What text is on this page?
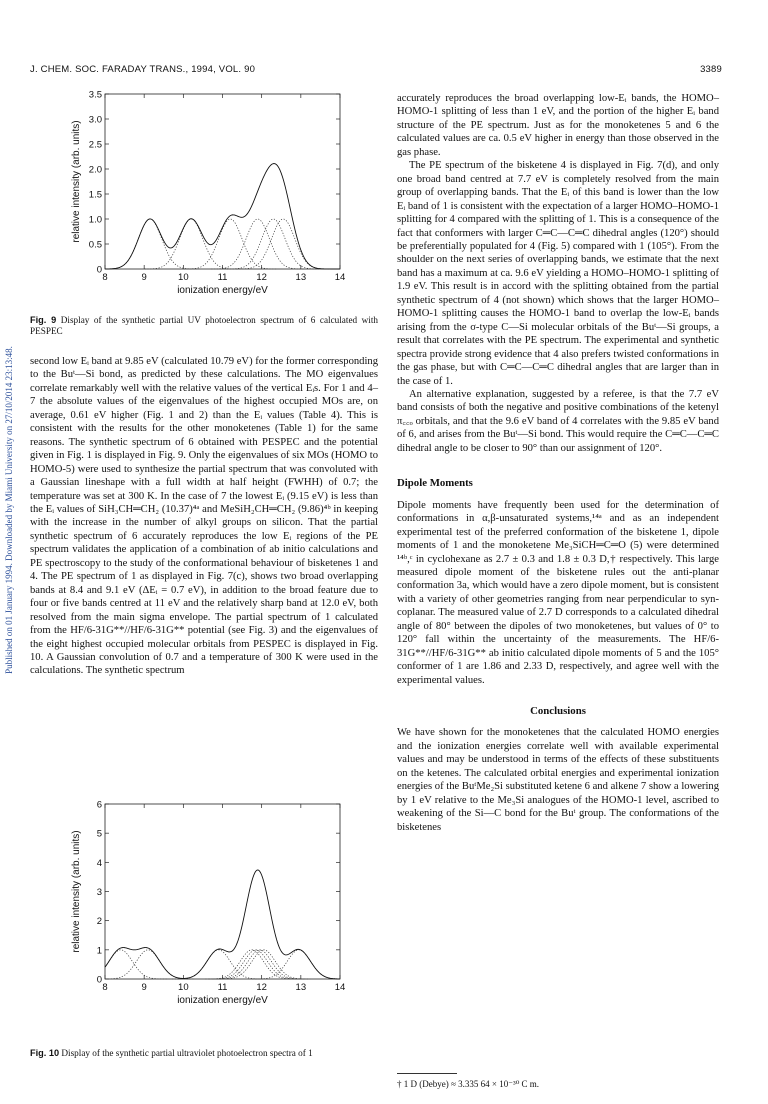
J. CHEM. SOC. FARADAY TRANS., 1994, VOL. 90	3389
Published on 01 January 1994. Downloaded by Miami University on 27/10/2014 23:13:48.
8	9	10	11	12	13	14
0
0.5
1.0
1.5
2.0
2.5
3.0
3.5
ionization energy/eV
relative intensity (arb. units)
Fig. 9 Display of the synthetic partial UV photoelectron spectrum of 6 calculated with PESPEC

second low Eᵢ band at 9.85 eV (calculated 10.79 eV) for the former corresponding to the Buᵗ—Si bond, as predicted by these calculations. The MO eigenvalues correlate remarkably well with the relative values of the vertical Eᵢs. For 1 and 4–7 the absolute values of the eigenvalues of the highest occupied MOs are, on average, 0.61 eV higher (Fig. 1 and 2) than the Eᵢ values (Table 4). This is consistent with the results for the other monoketenes (Table 1) for the same reasons. The synthetic spectrum of 6 obtained with PESPEC and the potential given in Fig. 1 is displayed in Fig. 9. Only the eigenvalues of six MOs (HOMO to HOMO-5) were used to synthesize the partial spectrum that was convoluted with a Gaussian lineshape with a full width at half height (FWHH) of 0.7; the temperature was set at 300 K. In the case of 7 the lowest Eᵢ (9.15 eV) is less than the Eᵢ values of SiH₃CH═CH₂ (10.37)⁴ᵃ and MeSiH₂CH═CH₂ (9.86)⁴ᵇ in keeping with the increase in the number of alkyl groups on silicon. That the partial synthetic spectrum of 6 accurately reproduces the low Eᵢ regions of the PE spectrum validates the application of a combination of ab initio calculations and PE spectroscopy to the study of the conformational behaviour of bisketenes 1 and 4. The PE spectrum of 1 as displayed in Fig. 7(c), shows two broad overlapping bands at 8.4 and 9.1 eV (ΔEᵢ = 0.7 eV), in addition to the broad feature due to four or five bands centred at 11 eV and the relatively sharp band at 12.0 eV, both resolved from the main sigma envelope. The partial spectrum of 1 calculated from the HF/6-31G**//HF/6-31G** potential (see Fig. 3) and the eigenvalues of the eight highest occupied molecular orbitals from PESPEC is displayed in Fig. 10. A Gaussian convolution of 0.7 and a temperature of 300 K were used in the calculations. The synthetic spectrum

8	9	10	11	12	13	14
0
1
2
3
4
5
6
ionization energy/eV
relative intensity (arb. units)
Fig. 10 Display of the synthetic partial ultraviolet photoelectron spectra of 1

accurately reproduces the broad overlapping low-Eᵢ bands, the HOMO–HOMO-1 splitting of less than 1 eV, and the portion of the higher Eᵢ band structure of the PE spectrum. Just as for the monoketenes 5 and 6 the calculated values are ca. 0.5 eV higher in energy than those observed in the gas phase.

The PE spectrum of the bisketene 4 is displayed in Fig. 7(d), and only one broad band centred at 7.7 eV is completely resolved from the main group of overlapping bands. That the Eᵢ of this band is lower than the low Eᵢ band of 1 is consistent with the expectation of a larger HOMO–HOMO-1 splitting for 4 compared with the splitting of 1. This is a consequence of the fact that conformers with larger C═C—C═C dihedral angles (120°) should be preferentially populated for 4 (Fig. 5) compared with 1 (105°). From the shoulder on the next series of overlapping bands, we estimate that the next band has a maximum at ca. 9.6 eV yielding a HOMO–HOMO-1 splitting of 1.9 eV. This result is in accord with the splitting obtained from the partial synthetic spectrum of 4 (not shown) which shows that the larger HOMO–HOMO-1 splitting causes the HOMO-1 band to overlap the low-Eᵢ bands arising from the σ-type C—Si molecular orbitals of the Buᵗ—Si groups, a result that correlates with the PE spectrum. The experimental and synthetic spectra provide strong evidence that 4 also prefers twisted conformations in the gas phase, but with C═C—C═C dihedral angles that are larger than in the case of 1.

An alternative explanation, suggested by a referee, is that the 7.7 eV band consists of both the negative and positive combinations of the ketenyl π꜀꜀ₒ orbitals, and that the 9.6 eV band of 4 correlates with the 9.85 eV band of 6, and arises from the Buᵗ—Si bond. This would require the C═C—C═C dihedral angle to be closer to 90° than our assignment of 120°.

Dipole Moments

Dipole moments have frequently been used for the determination of conformations in α,β-unsaturated systems,¹⁴ᵃ and as an independent experimental test of the preferred conformation of the bisketene 1, dipole moments of 1 and the monoketene Me₃SiCH═C═O (5) were determined ¹⁴ᵇ,ᶜ in cyclohexane as 2.7 ± 0.3 and 1.8 ± 0.3 D,† respectively. This large measured dipole moment of the bisketene rules out the anti-planar conformation 3a, which would have a zero dipole moment, but is consistent with a variety of other geometries ranging from near perpendicular to syn-coplanar. The measured value of 2.7 D corresponds to a calculated dihedral angle of 80° between the dipoles of two monoketenes, but values of 0° to 120° fall within the uncertainty of the measurements. The HF/6-31G**//HF/6-31G** ab initio calculated dipole moments of 5 and the 105° conformer of 1 are 1.86 and 2.33 D, respectively, and agree well with the experimental values.

Conclusions

We have shown for the monoketenes that the calculated HOMO energies and the ionization energies correlate well with available experimental values and may be understood in terms of the effects of these substituents on the ketenes. The calculated orbital energies and experimental ionization energies of the BuᵗMe₂Si substituted ketene 6 and alkene 7 show a lowering by 1 eV relative to the Me₃Si analogues of the HOMO-1 level, ascribed to weakening of the Si—C bond for the Buᵗ group. The conformations of the bisketenes

† 1 D (Debye) ≈ 3.335 64 × 10⁻³⁰ C m.
